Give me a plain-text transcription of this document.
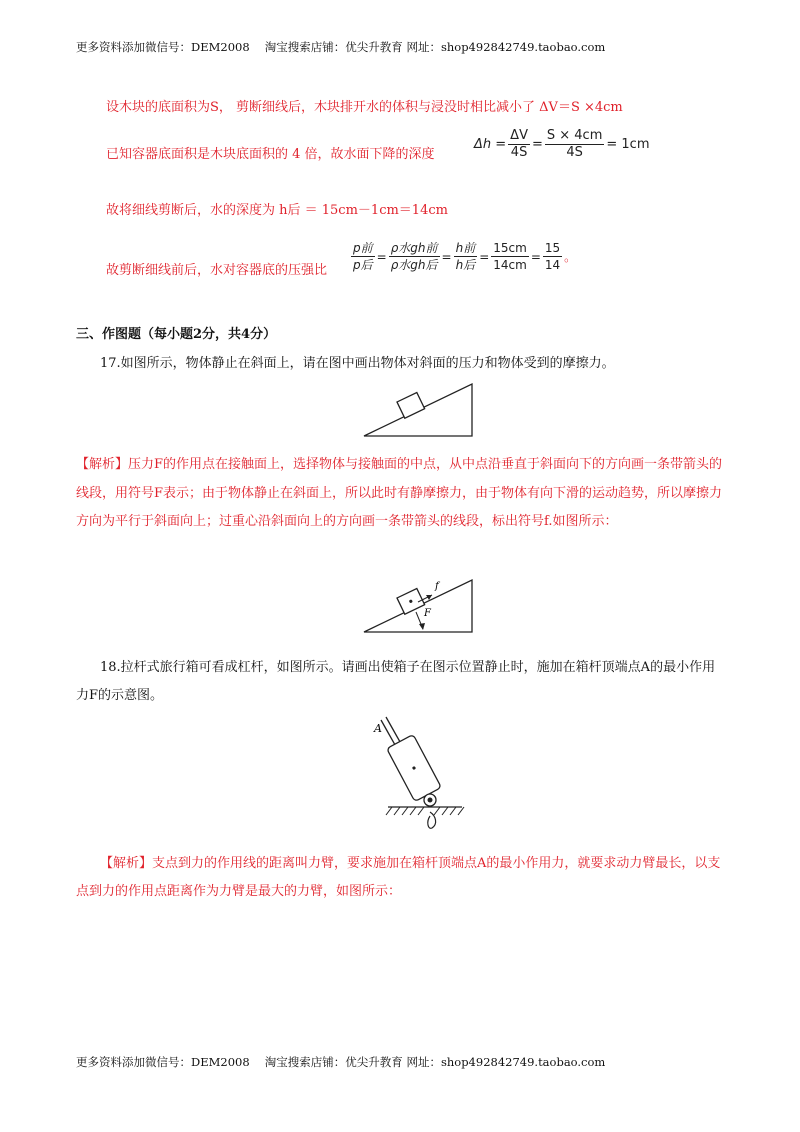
更多资料添加微信号：DEM2008　 淘宝搜索店铺：优尖升教育 网址：shop492842749.taobao.com
设木块的底面积为S， 剪断细线后，木块排开水的体积与浸没时相比减小了 ΔV＝S ×4cm
已知容器底面积是木块底面积的 4 倍，故水面下降的深度
$\Delta h = \frac{\Delta V}{4S} = \frac{S \times 4cm}{4S} = 1cm$
故将细线剪断后，水的深度为 h后 ＝ 15cm－1cm＝14cm
故剪断细线前后，水对容器底的压强比 $\frac{\text{p前}}{\text{p后}} = \frac{\text{ρ水gh前}}{\text{ρ水gh后}} = \frac{\text{h前}}{\text{h后}} = \frac{15cm}{14cm} = \frac{15}{14}$ 。
三、作图题（每小题2分，共4分）
17.如图所示，物体静止在斜面上，请在图中画出物体对斜面的压力和物体受到的摩擦力。
【解析】压力F的作用点在接触面上，选择物体与接触面的中点，从中点沿垂直于斜面向下的方向画一条带箭头的线段，用符号F表示；由于物体静止在斜面上，所以此时有静摩擦力，由于物体有向下滑的运动趋势，所以摩擦力方向为平行于斜面向上；过重心沿斜面向上的方向画一条带箭头的线段，标出符号f.如图所示：
f
F
18.拉杆式旅行箱可看成杠杆，如图所示。请画出使箱子在图示位置静止时，施加在箱杆顶端点A的最小作用力F的示意图。
A
【解析】支点到力的作用线的距离叫力臂，要求施加在箱杆顶端点A的最小作用力，就要求动力臂最长，以支点到力的作用点距离作为力臂是最大的力臂，如图所示：
更多资料添加微信号：DEM2008　 淘宝搜索店铺：优尖升教育 网址：shop492842749.taobao.com
